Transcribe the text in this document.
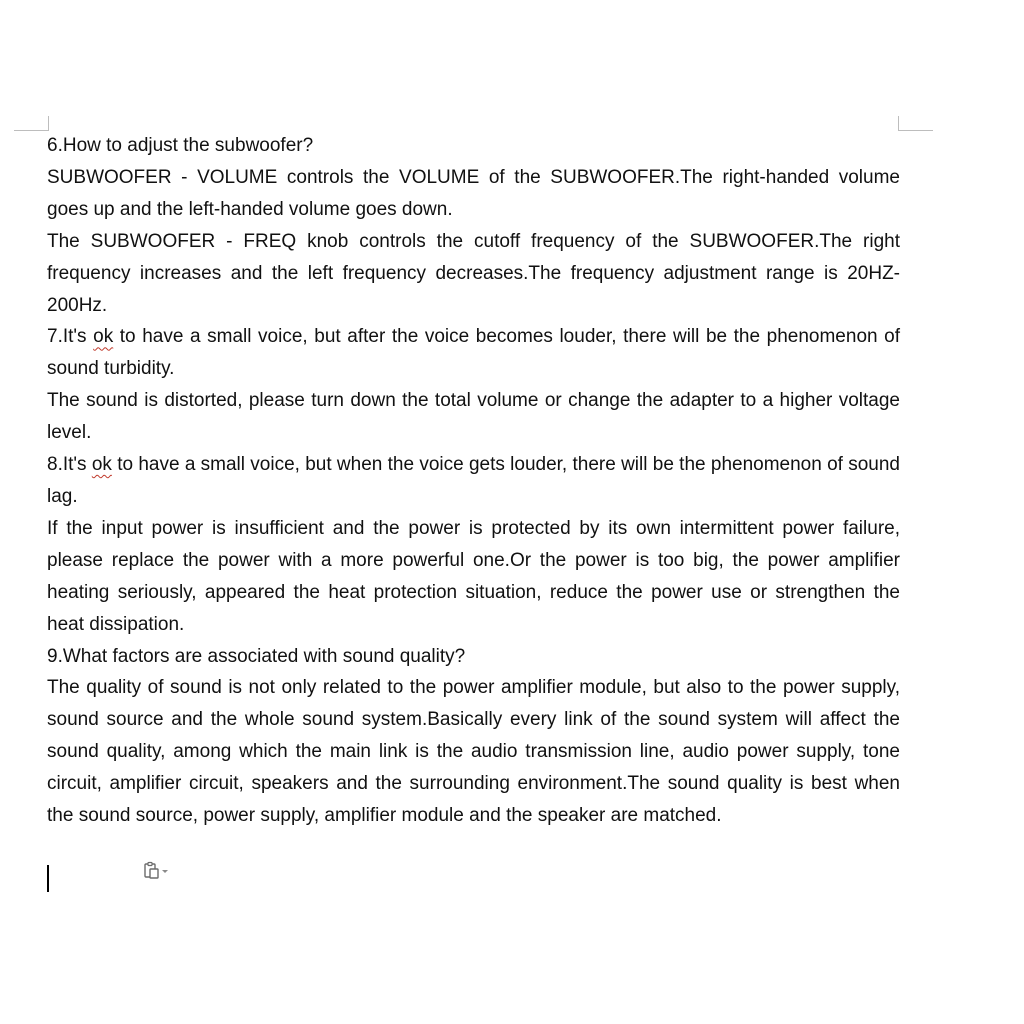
6.How to adjust the subwoofer?

SUBWOOFER - VOLUME controls the VOLUME of the SUBWOOFER.The right-handed volume goes up and the left-handed volume goes down.

The SUBWOOFER - FREQ knob controls the cutoff frequency of the SUBWOOFER.The right frequency increases and the left frequency decreases.The frequency adjustment range is 20HZ-200Hz.

7.It's ok to have a small voice, but after the voice becomes louder, there will be the phenomenon of sound turbidity.

The sound is distorted, please turn down the total volume or change the adapter to a higher voltage level.

8.It's ok to have a small voice, but when the voice gets louder, there will be the phenomenon of sound lag.

If the input power is insufficient and the power is protected by its own intermittent power failure, please replace the power with a more powerful one.Or the power is too big, the power amplifier heating seriously, appeared the heat protection situation, reduce the power use or strengthen the heat dissipation.

9.What factors are associated with sound quality?

The quality of sound is not only related to the power amplifier module, but also to the power supply, sound source and the whole sound system.Basically every link of the sound system will affect the sound quality, among which the main link is the audio transmission line, audio power supply, tone circuit, amplifier circuit, speakers and the surrounding environment.The sound quality is best when the sound source, power supply, amplifier module and the speaker are matched.
